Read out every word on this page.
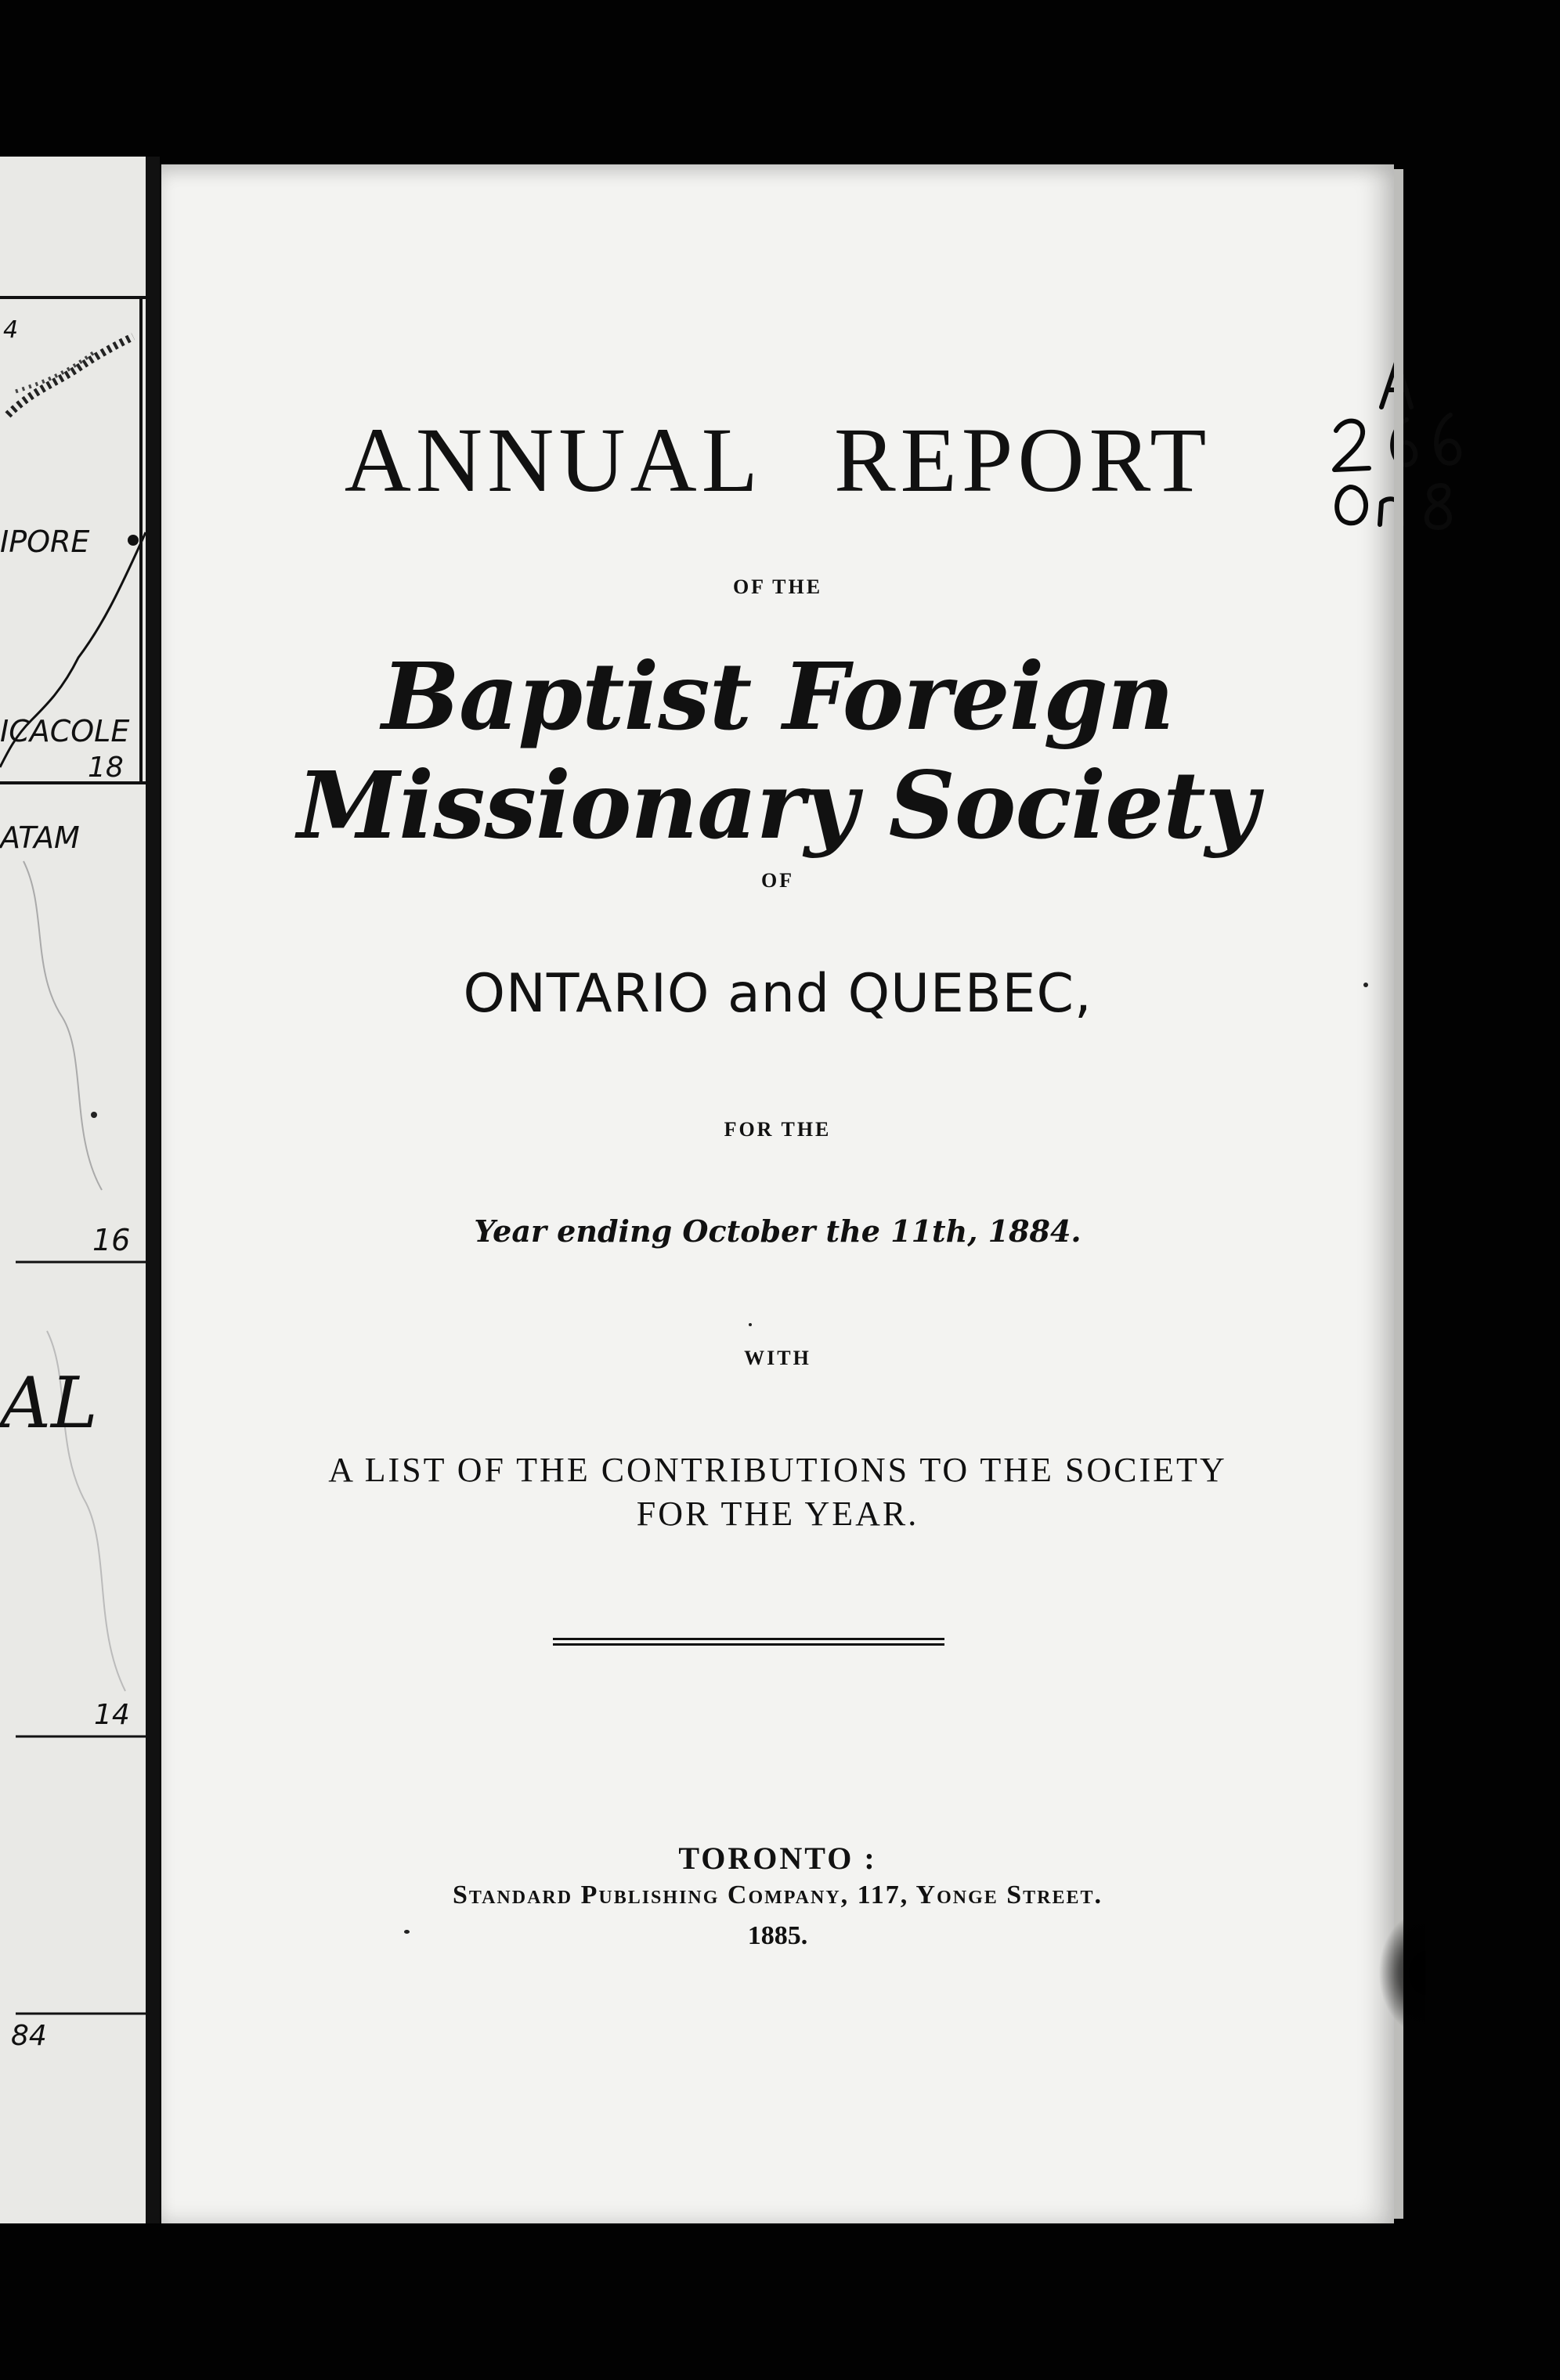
4
IPORE
ICACOLE
18
ATAM
16
AL
14
84
ANNUAL REPORT
OF THE
Baptist Foreign Missionary Society
OF
ONTARIO and QUEBEC,
FOR THE
Year ending October the 11th, 1884.
WITH
A LIST OF THE CONTRIBUTIONS TO THE SOCIETY
FOR THE YEAR.
TORONTO :
Standard Publishing Company, 117, Yonge Street.
1885.
